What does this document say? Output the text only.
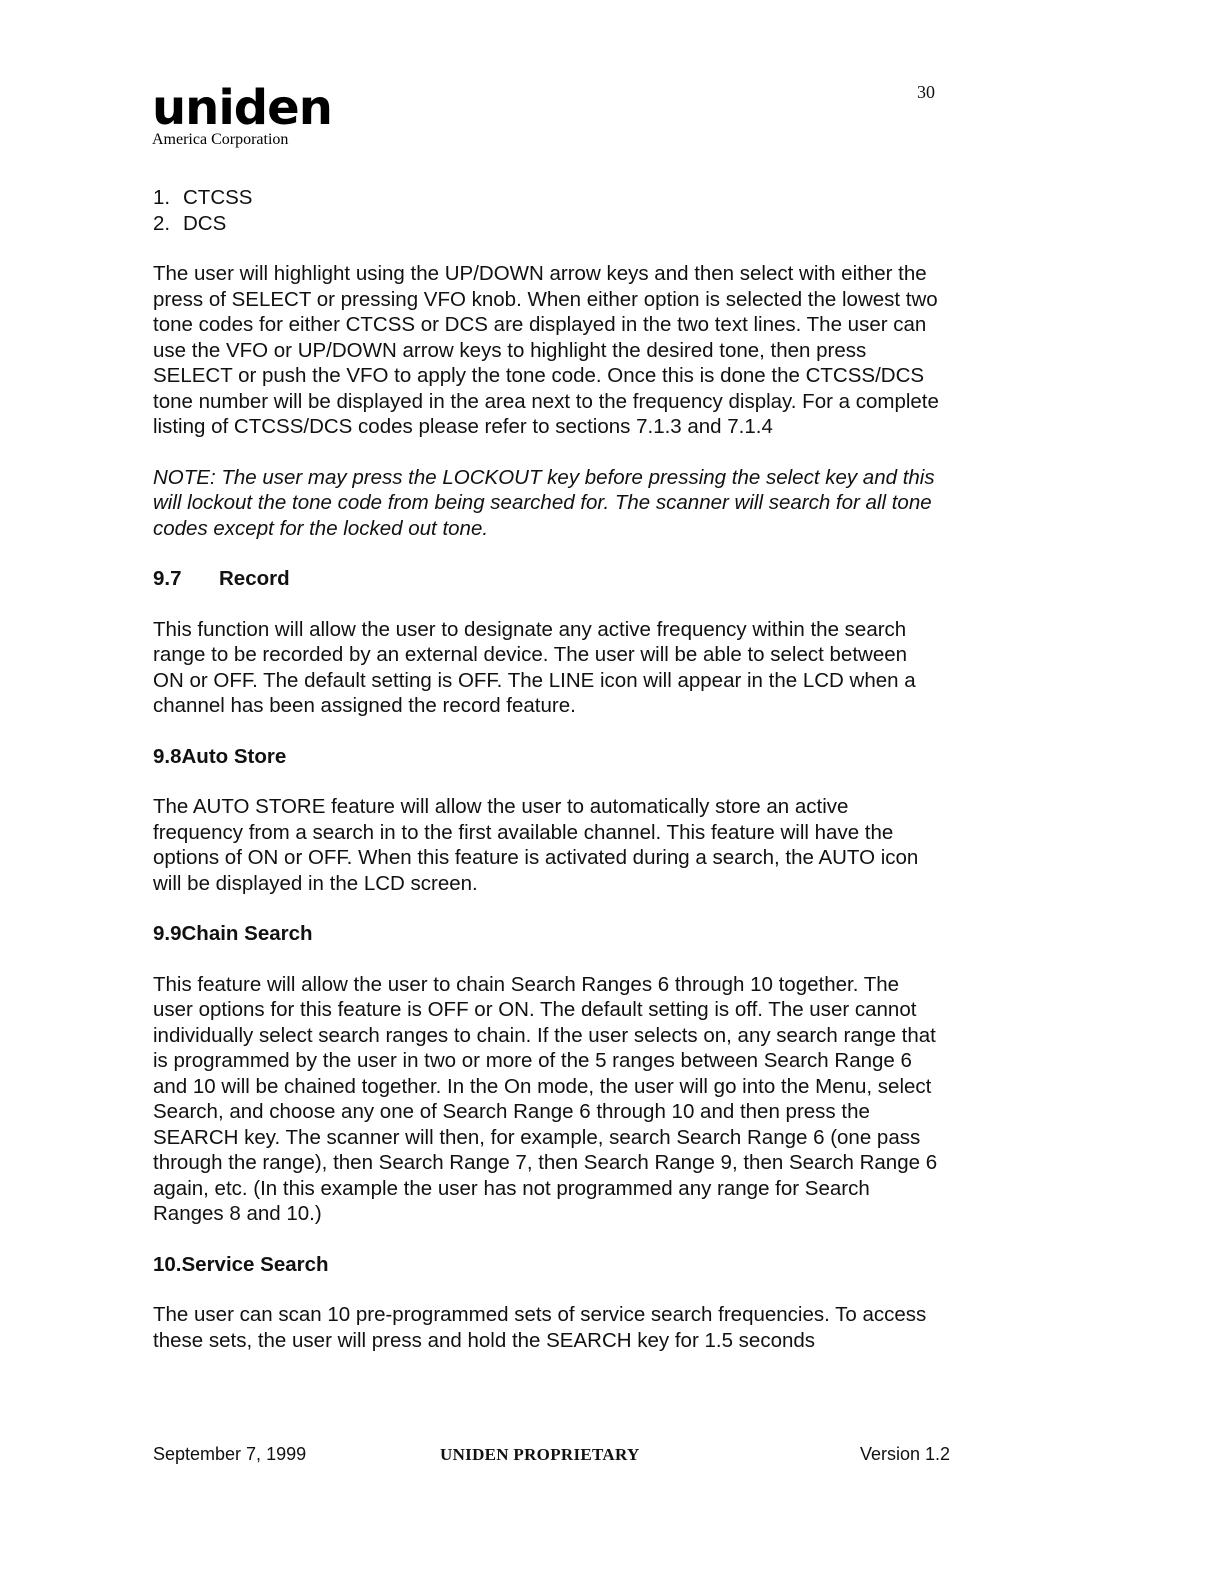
uniden
America Corporation
30
1. CTCSS
2. DCS

The user will highlight using the UP/DOWN arrow keys and then select with either the press of SELECT or pressing VFO knob. When either option is selected the lowest two tone codes for either CTCSS or DCS are displayed in the two text lines. The user can use the VFO or UP/DOWN arrow keys to highlight the desired tone, then press SELECT or push the VFO to apply the tone code. Once this is done the CTCSS/DCS tone number will be displayed in the area next to the frequency display. For a complete listing of CTCSS/DCS codes please refer to sections 7.1.3 and 7.1.4

NOTE: The user may press the LOCKOUT key before pressing the select key and this will lockout the tone code from being searched for. The scanner will search for all tone codes except for the locked out tone.

9.7 Record

This function will allow the user to designate any active frequency within the search range to be recorded by an external device. The user will be able to select between ON or OFF. The default setting is OFF. The LINE icon will appear in the LCD when a channel has been assigned the record feature.

9.8Auto Store

The AUTO STORE feature will allow the user to automatically store an active frequency from a search in to the first available channel. This feature will have the options of ON or OFF. When this feature is activated during a search, the AUTO icon will be displayed in the LCD screen.

9.9Chain Search

This feature will allow the user to chain Search Ranges 6 through 10 together. The user options for this feature is OFF or ON. The default setting is off. The user cannot individually select search ranges to chain. If the user selects on, any search range that is programmed by the user in two or more of the 5 ranges between Search Range 6 and 10 will be chained together. In the On mode, the user will go into the Menu, select Search, and choose any one of Search Range 6 through 10 and then press the SEARCH key. The scanner will then, for example, search Search Range 6 (one pass through the range), then Search Range 7, then Search Range 9, then Search Range 6 again, etc. (In this example the user has not programmed any range for Search Ranges 8 and 10.)

10.Service Search

The user can scan 10 pre-programmed sets of service search frequencies. To access these sets, the user will press and hold the SEARCH key for 1.5 seconds

September 7, 1999	UNIDEN PROPRIETARY	Version 1.2
